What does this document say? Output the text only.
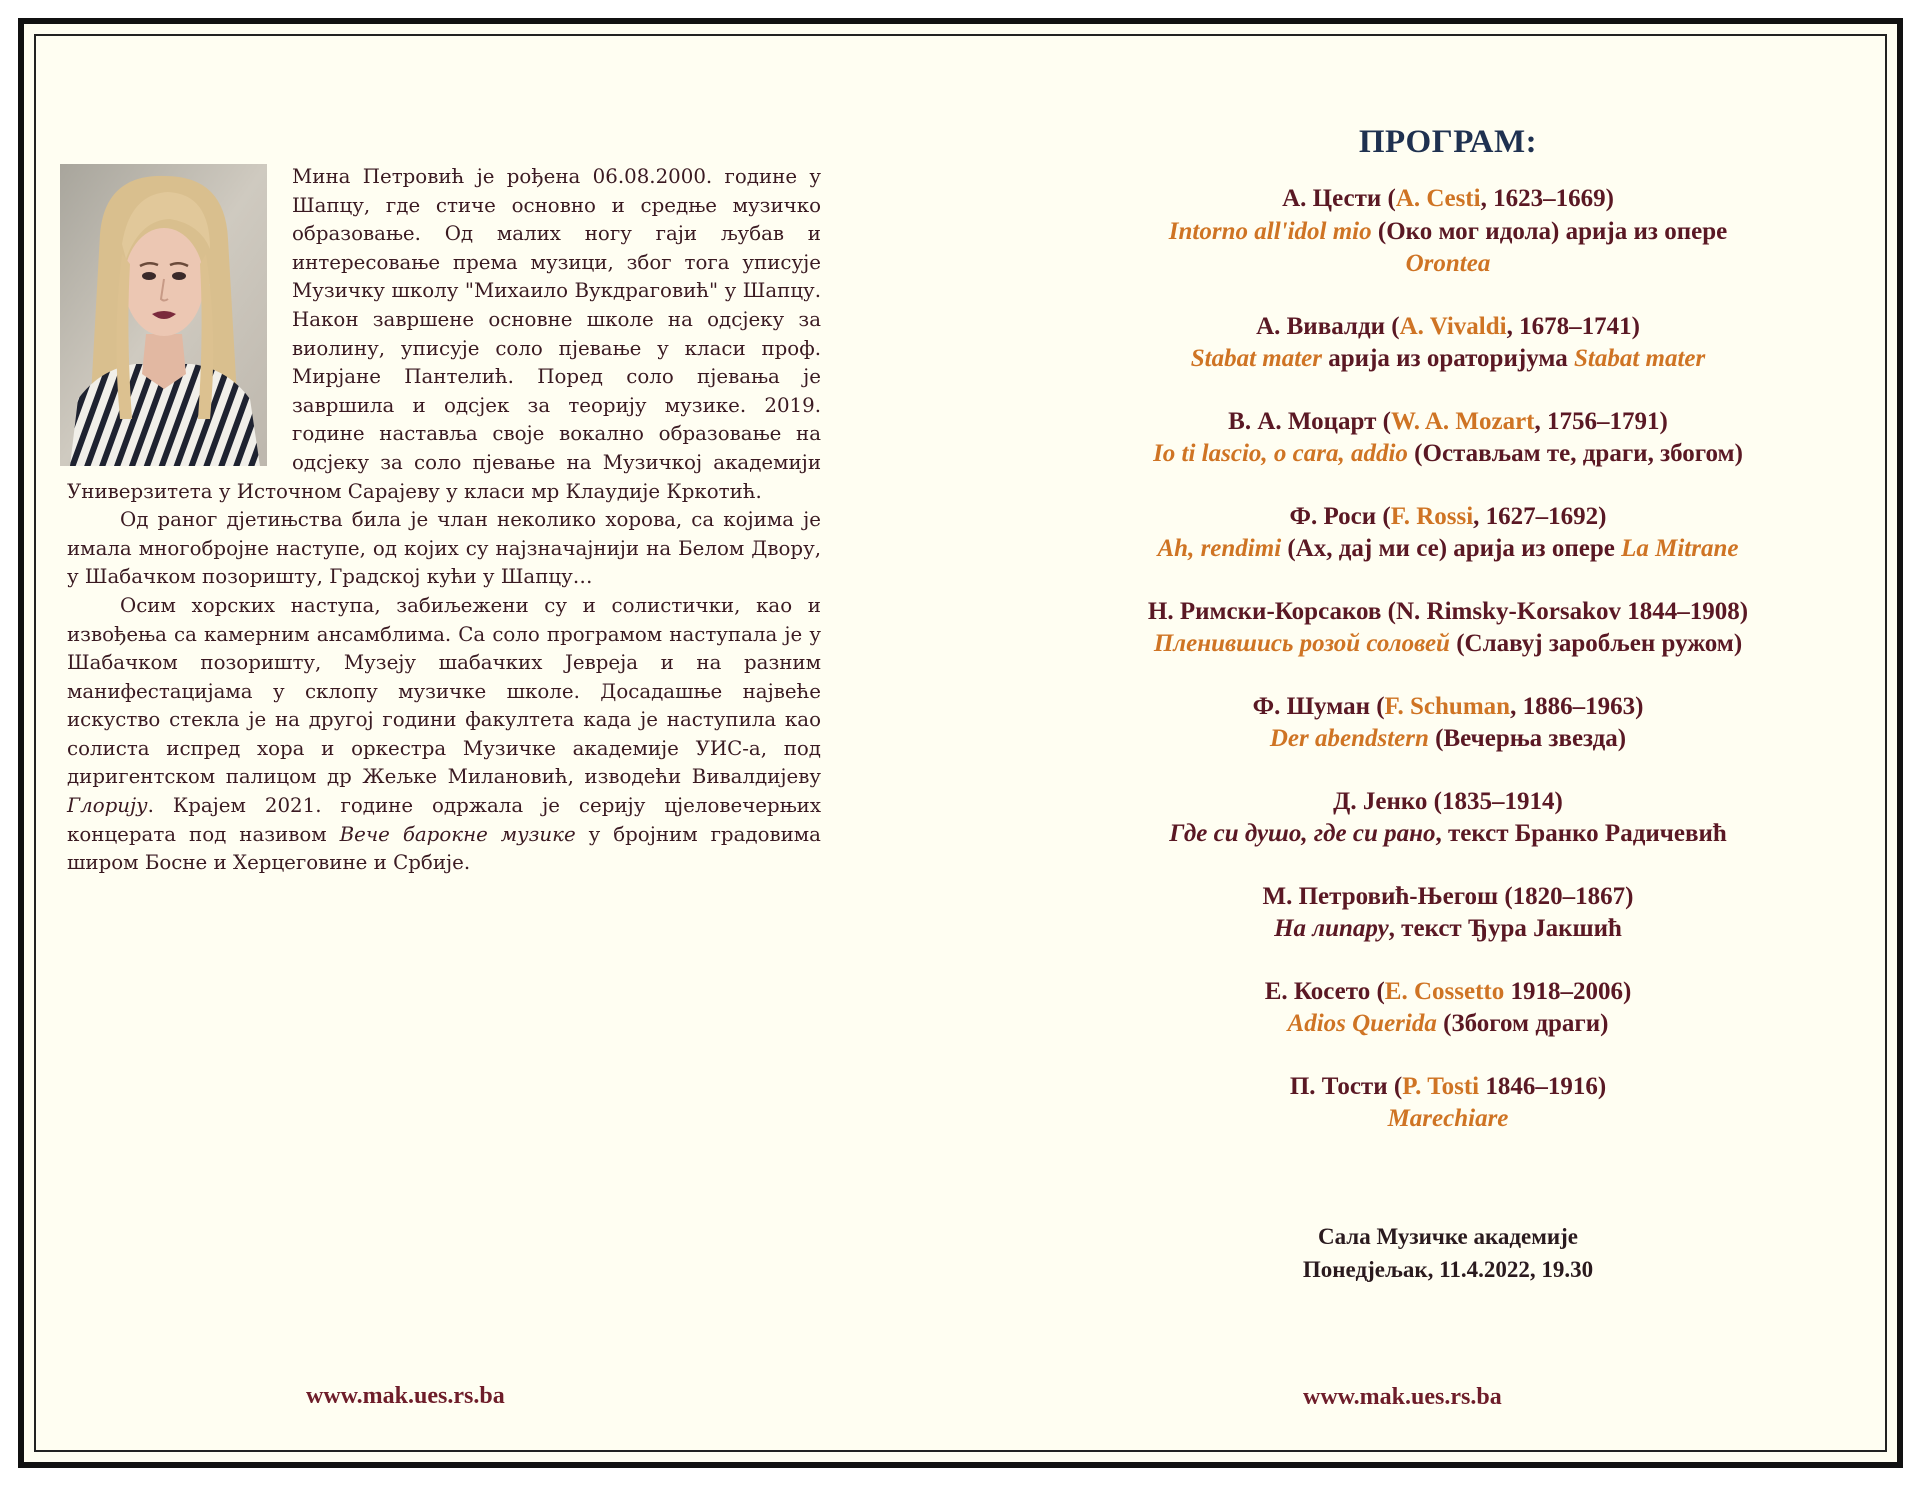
Мина Петровић је рођена 06.08.2000. године у Шапцу, где стиче основно и средње музичко образовање. Од малих ногу гаји љубав и интересовање према музици, због тога уписује Музичку школу "Михаило Вукдраговић" у Шапцу. Након завршене основне школе на одсјеку за виолину, уписује соло пјевање у класи проф. Мирјане Пантелић. Поред соло пјевања је завршила и одсјек за теорију музике. 2019. године наставља своје вокално образовање на одсјеку за соло пјевање на Музичкој академији Универзитета у Источном Сарајеву у класи мр Клаудије Кркотић.

Од раног дјетињства била је члан неколико хорова, са којима је имала многобројне наступе, од којих су најзначајнији на Белом Двору, у Шабачком позоришту, Градској кући у Шапцу…

Осим хорских наступа, забиљежени су и солистички, као и извођења са камерним ансамблима. Са соло програмом наступала је у Шабачком позоришту, Музеју шабачких Јевреја и на разним манифестацијама у склопу музичке школе. Досадашње највеће искуство стекла је на другој години факултета када је наступила као солиста испред хора и оркестра Музичке академије УИС-а, под диригентском палицом др Жељке Милановић, изводећи Вивалдијеву Глорију. Крајем 2021. године одржала је серију цјеловечерњих концерата под називом Вече барокне музике у бројним градовима широм Босне и Херцеговине и Србије.

www.mak.ues.rs.ba
ПРОГРАМ:
А. Цести (A. Cesti, 1623–1669)
Intorno all'idol mio (Око мог идола) арија из опере
Orontea
А. Вивалди (A. Vivaldi, 1678–1741)
Stabat mater арија из ораторијума Stabat mater
В. А. Моцарт (W. A. Mozart, 1756–1791)
Io ti lascio, o cara, addio (Остављам те, драги, збогом)
Ф. Роси (F. Rossi, 1627–1692)
Ah, rendimi (Ах, дај ми се) арија из опере La Mitrane
Н. Римски-Корсаков (N. Rimsky-Korsakov 1844–1908)
Пленившись розой соловей (Славуј заробљен ружом)
Ф. Шуман (F. Schuman, 1886–1963)
Der abendstern (Вечерња звезда)
Д. Јенко (1835–1914)
Где си душо, где си рано, текст Бранко Радичевић
М. Петровић-Његош (1820–1867)
На липару, текст Ђура Јакшић
Е. Косето (E. Cossetto 1918–2006)
Adios Querida (Збогом драги)
П. Тости (P. Tosti 1846–1916)
Marechiare
Сала Музичке академије
Понедјељак, 11.4.2022, 19.30
www.mak.ues.rs.ba
